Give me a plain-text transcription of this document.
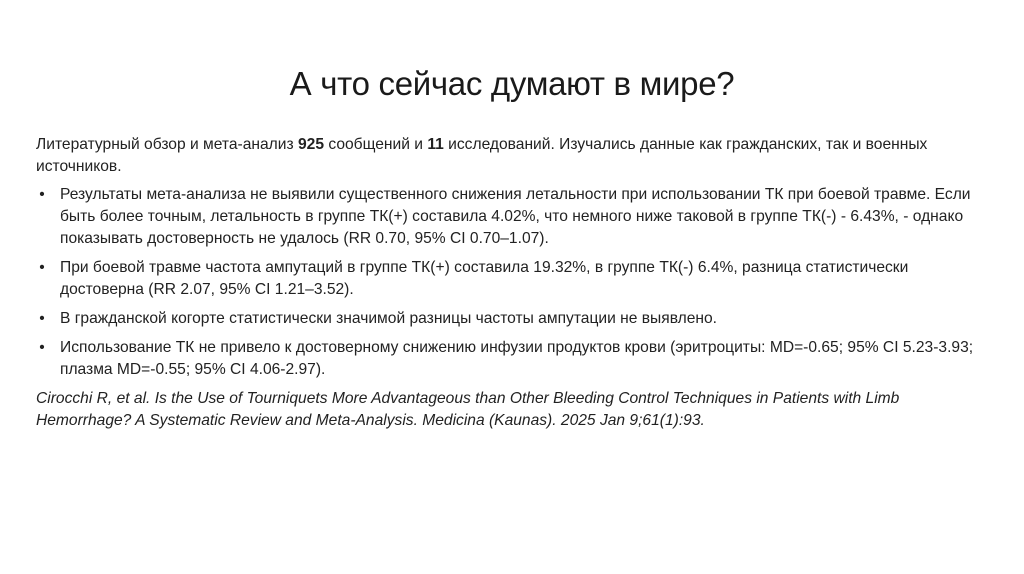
А что сейчас думают в мире?

Литературный обзор и мета-анализ 925 сообщений и 11 исследований. Изучались данные как гражданских, так и военных источников.

• Результаты мета-анализа не выявили существенного снижения летальности при использовании ТК при боевой травме. Если быть более точным, летальность в группе ТК(+) составила 4.02%, что немного ниже таковой в группе ТК(-) - 6.43%, - однако показывать достоверность не удалось (RR 0.70, 95% CI 0.70–1.07).
• При боевой травме частота ампутаций в группе ТК(+) составила 19.32%, в группе ТК(-) 6.4%, разница статистически достоверна (RR 2.07, 95% CI 1.21–3.52).
• В гражданской когорте статистически значимой разницы частоты ампутации не выявлено.
• Использование ТК не привело к достоверному снижению инфузии продуктов крови (эритроциты: MD=-0.65; 95% CI 5.23-3.93; плазма MD=-0.55; 95% CI 4.06-2.97).

Cirocchi R, et al. Is the Use of Tourniquets More Advantageous than Other Bleeding Control Techniques in Patients with Limb Hemorrhage? A Systematic Review and Meta-Analysis. Medicina (Kaunas). 2025 Jan 9;61(1):93.
